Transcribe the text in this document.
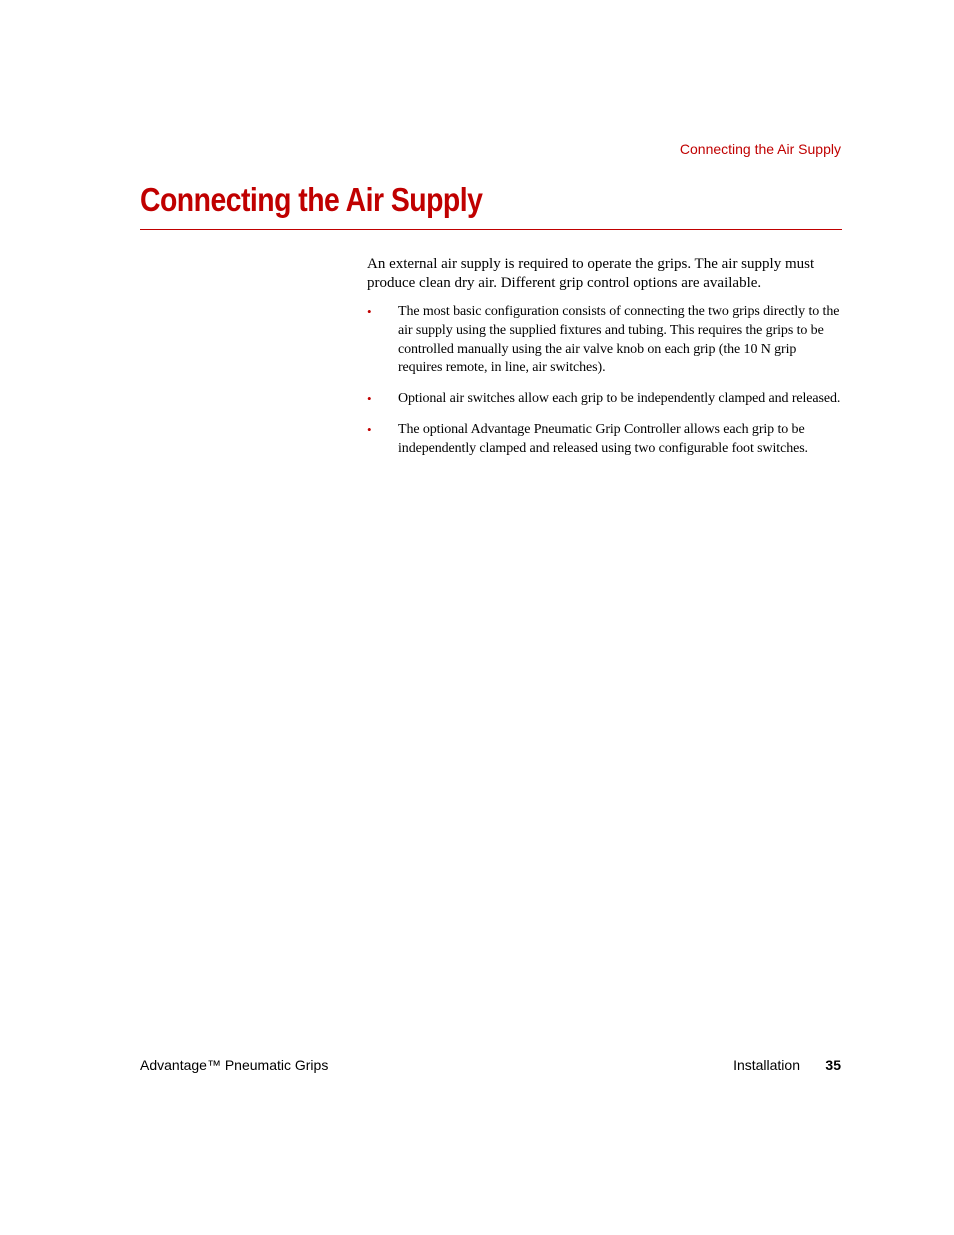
Connecting the Air Supply
Connecting the Air Supply

An external air supply is required to operate the grips. The air supply must produce clean dry air. Different grip control options are available.

• The most basic configuration consists of connecting the two grips directly to the air supply using the supplied fixtures and tubing. This requires the grips to be controlled manually using the air valve knob on each grip (the 10 N grip requires remote, in line, air switches).
• Optional air switches allow each grip to be independently clamped and released.
• The optional Advantage Pneumatic Grip Controller allows each grip to be independently clamped and released using two configurable foot switches.
Advantage™ Pneumatic Grips	Installation 35
